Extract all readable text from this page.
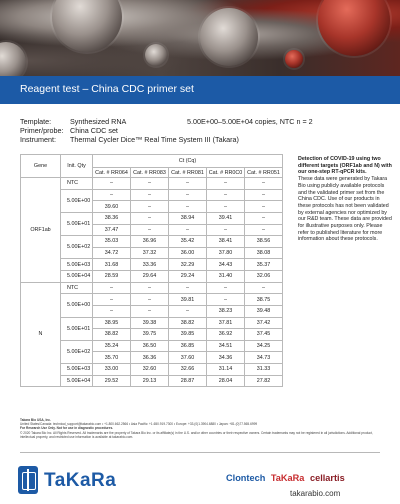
Reagent test – China CDC primer set
Template:	Synthesized RNA	5.00E+00–5.00E+04 copies, NTC n = 2
Primer/probe: China CDC set
Instrument:	Thermal Cycler Dice™ Real Time System III (Takara)
Gene	Init. Qty	Ct (Cq)				
		Cat. # RR064	Cat. # RR083	Cat. # RR081	Cat. # RR0C0	Cat. # RR051
ORF1ab	NTC	–	–	–	–	–
	5.00E+00	–	–	–	–	–
		39.60	–	–	–	–
	5.00E+01	38.36	–	38.94	39.41	–
		37.47	–	–	–	–
	5.00E+02	35.03	36.96	35.42	38.41	38.56
		34.72	37.32	36.00	37.80	38.08
	5.00E+03	31.68	33.36	32.29	34.43	35.37
	5.00E+04	28.59	29.64	29.24	31.40	32.06
N	NTC	–	–	–	–	–
	5.00E+00	–	–	39.81	–	38.75
		–	–	–	38.23	39.48
	5.00E+01	38.95	39.38	38.82	37.81	37.42
		38.82	39.75	39.85	36.92	37.45
	5.00E+02	35.24	36.50	36.85	34.51	34.25
		35.70	36.36	37.60	34.36	34.73
	5.00E+03	33.00	32.60	32.66	31.14	31.33
	5.00E+04	29.52	29.13	28.87	28.04	27.82
Detection of COVID-19 using two different targets (ORF1ab and N) with our one-step RT-qPCR kits.
These data were generated by Takara Bio using publicly available protocols and the validated primer set from the China CDC. Use of our products in these protocols has not been validated by external agencies nor optimized by our R&D team. These data are provided for illustrative purposes only. Please refer to published literature for more information about these protocols.
Takara Bio USA, Inc.
United States/Canada: technical_support@takarabio.com • +1.800.662.2566 • Asia Pacific: +1.650.919.7300 • Europe: +33.(0)1.3904.6880 • Japan: +81.(0)77.565.6999
For Research Use Only. Not for use in diagnostic procedures.
© 2020 Takara Bio Inc. All Rights Reserved. All trademarks are the property of Takara Bio Inc. or its affiliate(s) in the U.S. and/or other countries or their respective owners. Certain trademarks may not be registered in all jurisdictions. Additional product, intellectual property, and restricted use information is available at takarabio.com.
TaKaRa	Clontech TaKaRa cellartis
takarabio.com
